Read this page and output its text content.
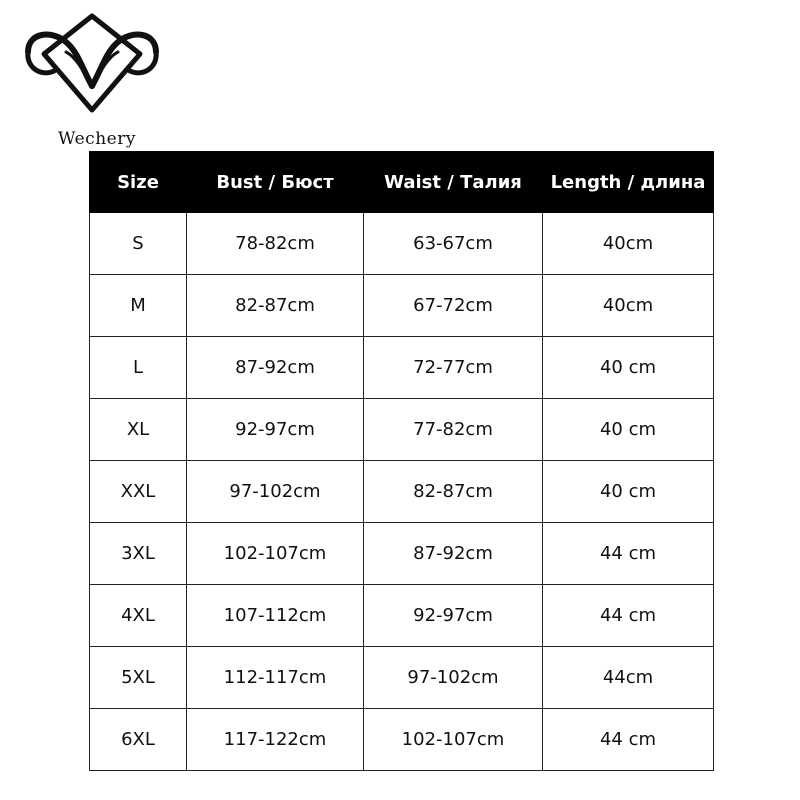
Wechery
Size	Bust / Бюст	Waist / Талия	Length / длина
S	78-82cm	63-67cm	40cm
M	82-87cm	67-72cm	40cm
L	87-92cm	72-77cm	40 cm
XL	92-97cm	77-82cm	40 cm
XXL	97-102cm	82-87cm	40 cm
3XL	102-107cm	87-92cm	44 cm
4XL	107-112cm	92-97cm	44 cm
5XL	112-117cm	97-102cm	44cm
6XL	117-122cm	102-107cm	44 cm
